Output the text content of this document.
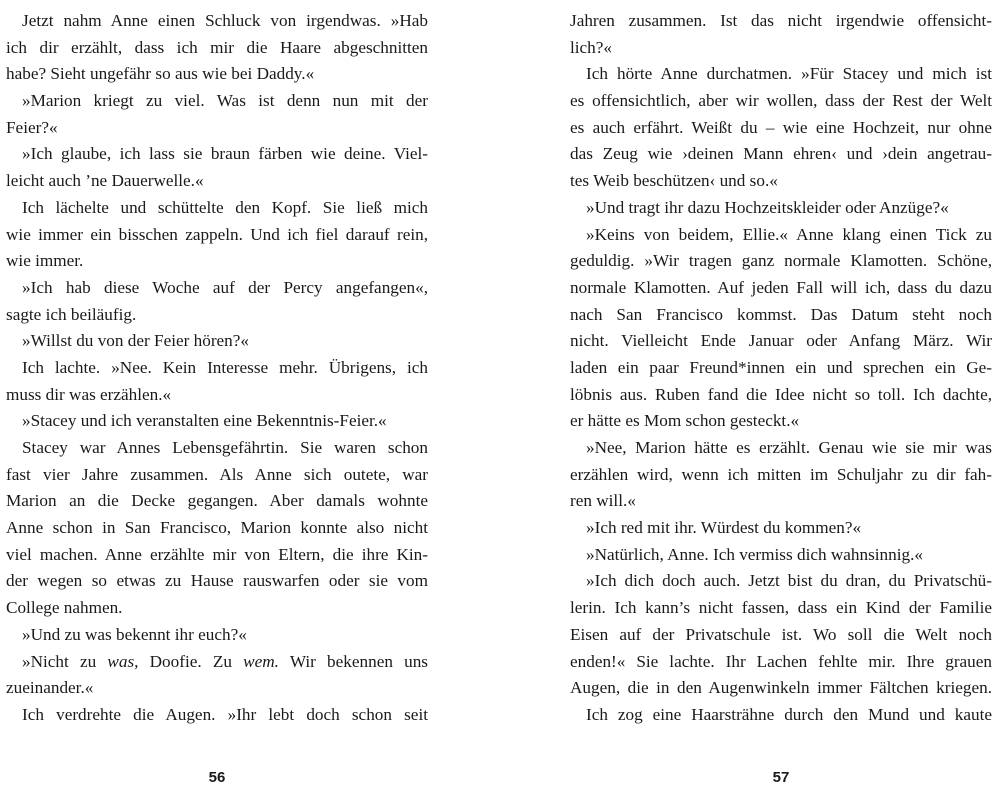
Jetzt nahm Anne einen Schluck von irgendwas. »Hab
ich dir erzählt, dass ich mir die Haare abgeschnitten
habe? Sieht ungefähr so aus wie bei Daddy.«
»Marion kriegt zu viel. Was ist denn nun mit der
Feier?«
»Ich glaube, ich lass sie braun färben wie deine. Viel-
leicht auch ’ne Dauerwelle.«
Ich lächelte und schüttelte den Kopf. Sie ließ mich
wie immer ein bisschen zappeln. Und ich fiel darauf rein,
wie immer.
»Ich hab diese Woche auf der Percy angefangen«,
sagte ich beiläufig.
»Willst du von der Feier hören?«
Ich lachte. »Nee. Kein Interesse mehr. Übrigens, ich
muss dir was erzählen.«
»Stacey und ich veranstalten eine Bekenntnis-Feier.«
Stacey war Annes Lebensgefährtin. Sie waren schon
fast vier Jahre zusammen. Als Anne sich outete, war
Marion an die Decke gegangen. Aber damals wohnte
Anne schon in San Francisco, Marion konnte also nicht
viel machen. Anne erzählte mir von Eltern, die ihre Kin-
der wegen so etwas zu Hause rauswarfen oder sie vom
College nahmen.
»Und zu was bekennt ihr euch?«
»Nicht zu was, Doofie. Zu wem. Wir bekennen uns
zueinander.«
Ich verdrehte die Augen. »Ihr lebt doch schon seit
56
Jahren zusammen. Ist das nicht irgendwie offensicht-
lich?«
Ich hörte Anne durchatmen. »Für Stacey und mich ist
es offensichtlich, aber wir wollen, dass der Rest der Welt
es auch erfährt. Weißt du – wie eine Hochzeit, nur ohne
das Zeug wie ›deinen Mann ehren‹ und ›dein angetrau-
tes Weib beschützen‹ und so.«
»Und tragt ihr dazu Hochzeitskleider oder Anzüge?«
»Keins von beidem, Ellie.« Anne klang einen Tick zu
geduldig. »Wir tragen ganz normale Klamotten. Schöne,
normale Klamotten. Auf jeden Fall will ich, dass du dazu
nach San Francisco kommst. Das Datum steht noch
nicht. Vielleicht Ende Januar oder Anfang März. Wir
laden ein paar Freund*innen ein und sprechen ein Ge-
löbnis aus. Ruben fand die Idee nicht so toll. Ich dachte,
er hätte es Mom schon gesteckt.«
»Nee, Marion hätte es erzählt. Genau wie sie mir was
erzählen wird, wenn ich mitten im Schuljahr zu dir fah-
ren will.«
»Ich red mit ihr. Würdest du kommen?«
»Natürlich, Anne. Ich vermiss dich wahnsinnig.«
»Ich dich doch auch. Jetzt bist du dran, du Privatschü-
lerin. Ich kann’s nicht fassen, dass ein Kind der Familie
Eisen auf der Privatschule ist. Wo soll die Welt noch
enden!« Sie lachte. Ihr Lachen fehlte mir. Ihre grauen
Augen, die in den Augenwinkeln immer Fältchen kriegen.
Ich zog eine Haarsträhne durch den Mund und kaute
57
